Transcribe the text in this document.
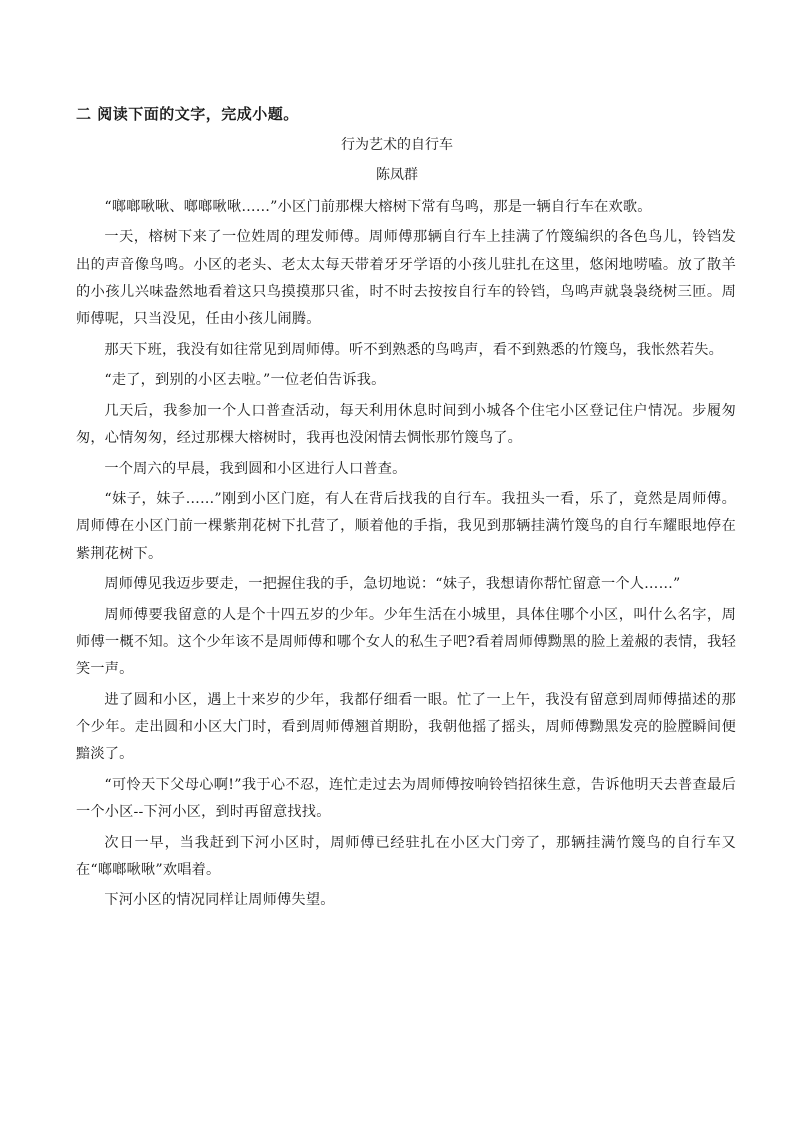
二 阅读下面的文字，完成小题。
行为艺术的自行车
陈凤群

“啷啷啾啾、啷啷啾啾……”小区门前那棵大榕树下常有鸟鸣，那是一辆自行车在欢歌。

一天，榕树下来了一位姓周的理发师傅。周师傅那辆自行车上挂满了竹篾编织的各色鸟儿，铃铛发出的声音像鸟鸣。小区的老头、老太太每天带着牙牙学语的小孩儿驻扎在这里，悠闲地唠嗑。放了散羊的小孩儿兴味盎然地看着这只鸟摸摸那只雀，时不时去按按自行车的铃铛，鸟鸣声就袅袅绕树三匝。周师傅呢，只当没见，任由小孩儿闹腾。

那天下班，我没有如往常见到周师傅。听不到熟悉的鸟鸣声，看不到熟悉的竹篾鸟，我怅然若失。

“走了，到别的小区去啦。”一位老伯告诉我。

几天后，我参加一个人口普查活动，每天利用休息时间到小城各个住宅小区登记住户情况。步履匆匆，心情匆匆，经过那棵大榕树时，我再也没闲情去惆怅那竹篾鸟了。

一个周六的早晨，我到圆和小区进行人口普查。

“妹子，妹子……”刚到小区门庭，有人在背后找我的自行车。我扭头一看，乐了，竟然是周师傅。周师傅在小区门前一棵紫荆花树下扎营了，顺着他的手指，我见到那辆挂满竹篾鸟的自行车耀眼地停在紫荆花树下。

周师傅见我迈步要走，一把握住我的手，急切地说：“妹子，我想请你帮忙留意一个人……”

周师傅要我留意的人是个十四五岁的少年。少年生活在小城里，具体住哪个小区，叫什么名字，周师傅一概不知。这个少年该不是周师傅和哪个女人的私生子吧?看着周师傅黝黑的脸上羞赧的表情，我轻笑一声。

进了圆和小区，遇上十来岁的少年，我都仔细看一眼。忙了一上午，我没有留意到周师傅描述的那个少年。走出圆和小区大门时，看到周师傅翘首期盼，我朝他摇了摇头，周师傅黝黑发亮的脸膛瞬间便黯淡了。

“可怜天下父母心啊!”我于心不忍，连忙走过去为周师傅按响铃铛招徕生意，告诉他明天去普查最后一个小区--下河小区，到时再留意找找。

次日一早，当我赶到下河小区时，周师傅已经驻扎在小区大门旁了，那辆挂满竹篾鸟的自行车又在“啷啷啾啾”欢唱着。

下河小区的情况同样让周师傅失望。
